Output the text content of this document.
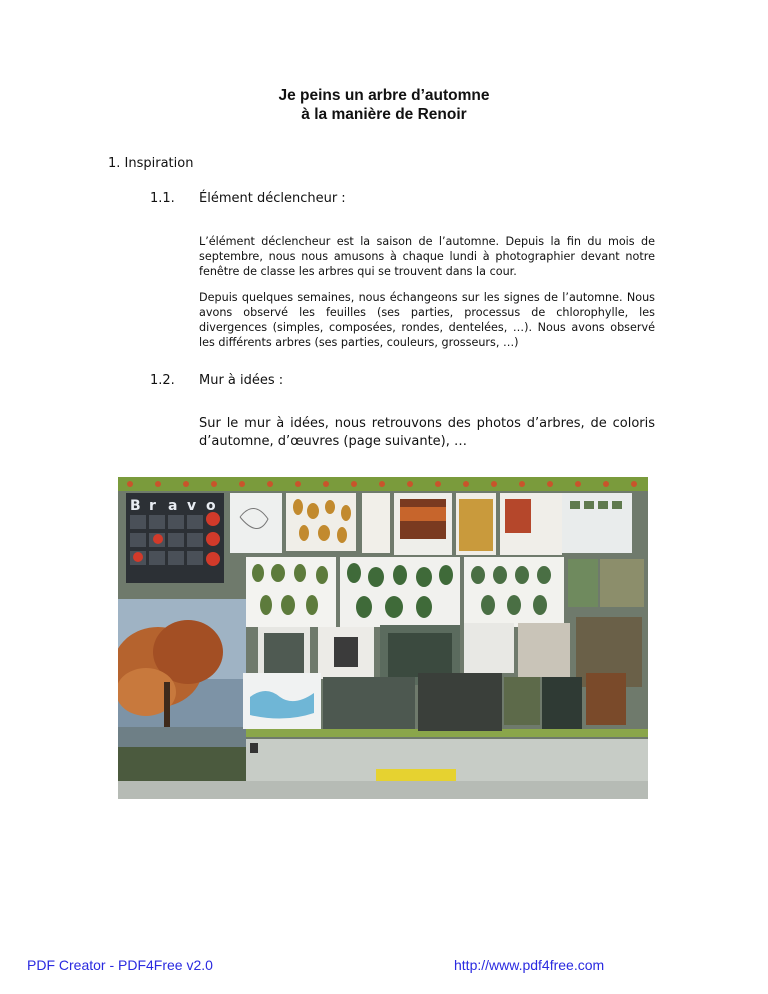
Je peins un arbre d’automne
à la manière de Renoir
1. Inspiration
1.1. Élément déclencheur :
L’élément déclencheur est la saison de l’automne. Depuis la fin du mois de septembre, nous nous amusons à chaque lundi à photographier devant notre fenêtre de classe les arbres qui se trouvent dans la cour.
Depuis quelques semaines, nous échangeons sur les signes de l’automne. Nous avons observé les feuilles (ses parties, processus de chlorophylle, les divergences (simples, composées, rondes, dentelées, …). Nous avons observé les différents arbres (ses parties, couleurs, grosseurs, …)
1.2. Mur à idées :
Sur le mur à idées, nous retrouvons des photos d’arbres, de coloris d’automne, d’œuvres (page suivante), …
B r a v o
PDF Creator - PDF4Free v2.0	http://www.pdf4free.com
